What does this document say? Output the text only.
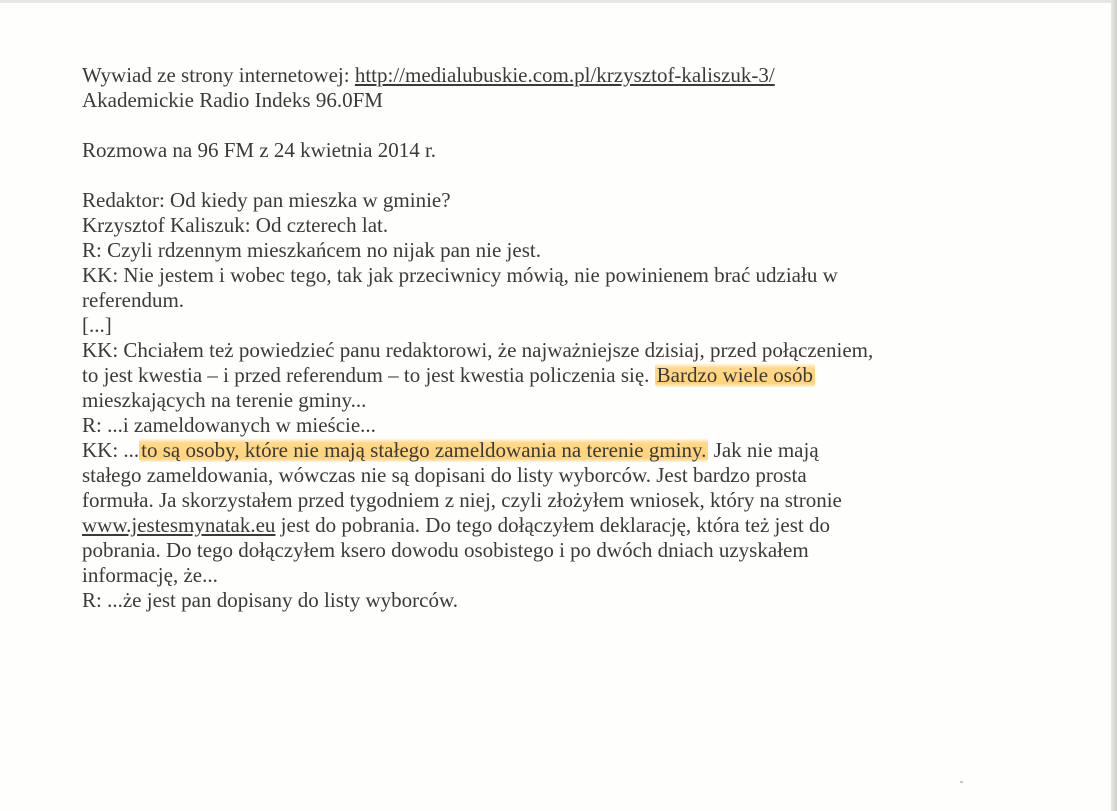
Wywiad ze strony internetowej: http://medialubuskie.com.pl/krzysztof-kaliszuk-3/
Akademickie Radio Indeks 96.0FM
Rozmowa na 96 FM z 24 kwietnia 2014 r.
Redaktor: Od kiedy pan mieszka w gminie?
Krzysztof Kaliszuk: Od czterech lat.
R: Czyli rdzennym mieszkańcem no nijak pan nie jest.
KK: Nie jestem i wobec tego, tak jak przeciwnicy mówią, nie powinienem brać udziału w
referendum.
[...]
KK: Chciałem też powiedzieć panu redaktorowi, że najważniejsze dzisiaj, przed połączeniem,
to jest kwestia – i przed referendum – to jest kwestia policzenia się. Bardzo wiele osób
mieszkających na terenie gminy...
R: ...i zameldowanych w mieście...
KK: ...to są osoby, które nie mają stałego zameldowania na terenie gminy. Jak nie mają
stałego zameldowania, wówczas nie są dopisani do listy wyborców. Jest bardzo prosta
formuła. Ja skorzystałem przed tygodniem z niej, czyli złożyłem wniosek, który na stronie
www.jestesmynatak.eu jest do pobrania. Do tego dołączyłem deklarację, która też jest do
pobrania. Do tego dołączyłem ksero dowodu osobistego i po dwóch dniach uzyskałem
informację, że...
R: ...że jest pan dopisany do listy wyborców.
